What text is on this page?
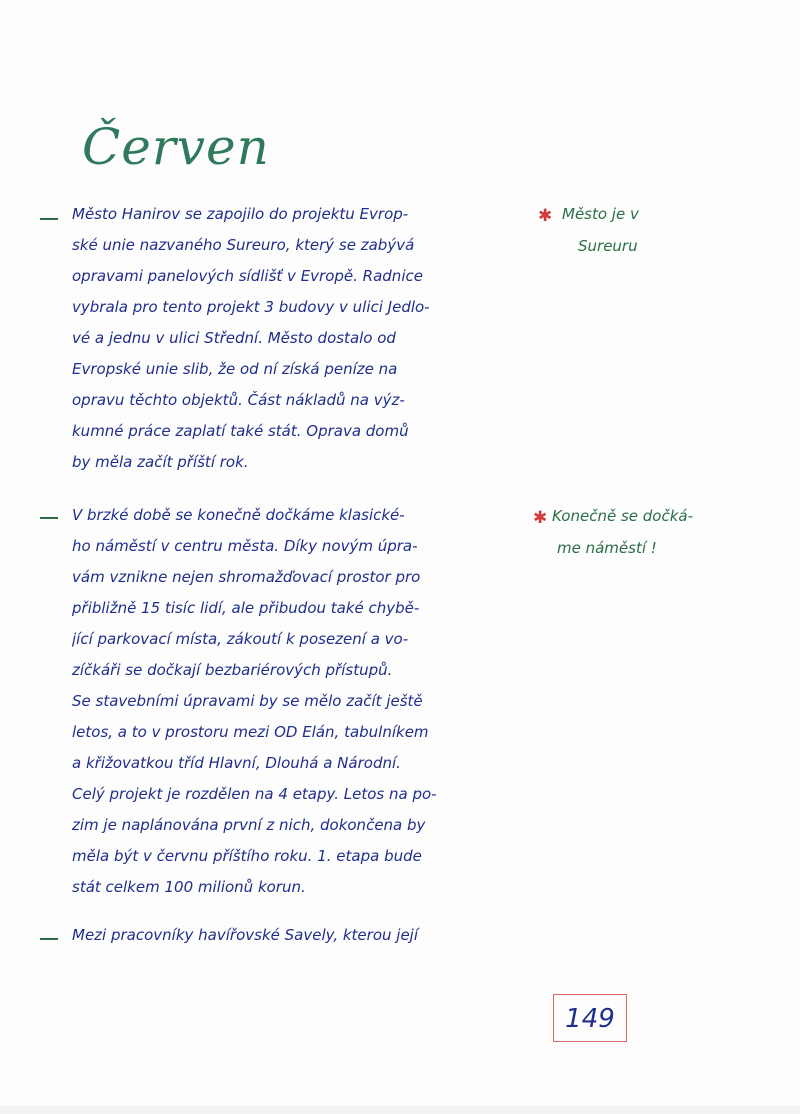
Červen
✱
Město Hanirov se zapojilo do projektu Evrop-
ské unie nazvaného Sureuro, který se zabývá
opravami panelových sídlišť v Evropě. Radnice
vybrala pro tento projekt 3 budovy v ulici Jedlo-
vé a jednu v ulici Střední. Město dostalo od
Evropské unie slib, že od ní získá peníze na
opravu těchto objektů. Část nákladů na výz-
kumné práce zaplatí také stát. Oprava domů
by měla začít příští rok.
Město je v
Sureuru
✱
V brzké době se konečně dočkáme klasické-
ho náměstí v centru města. Díky novým úpra-
vám vznikne nejen shromažďovací prostor pro
přibližně 15 tisíc lidí, ale přibudou také chybě-
jící parkovací místa, zákoutí k posezení a vo-
zíčkáři se dočkají bezbariérových přístupů.
Se stavebními úpravami by se mělo začít ještě
letos, a to v prostoru mezi OD Elán, tabulníkem
a křižovatkou tříd Hlavní, Dlouhá a Národní.
Celý projekt je rozdělen na 4 etapy. Letos na po-
zim je naplánována první z nich, dokončena by
měla být v červnu příštího roku. 1. etapa bude
stát celkem 100 milionů korun.
Konečně se dočká-
me náměstí !
Mezi pracovníky havířovské Savely, kterou její
149
